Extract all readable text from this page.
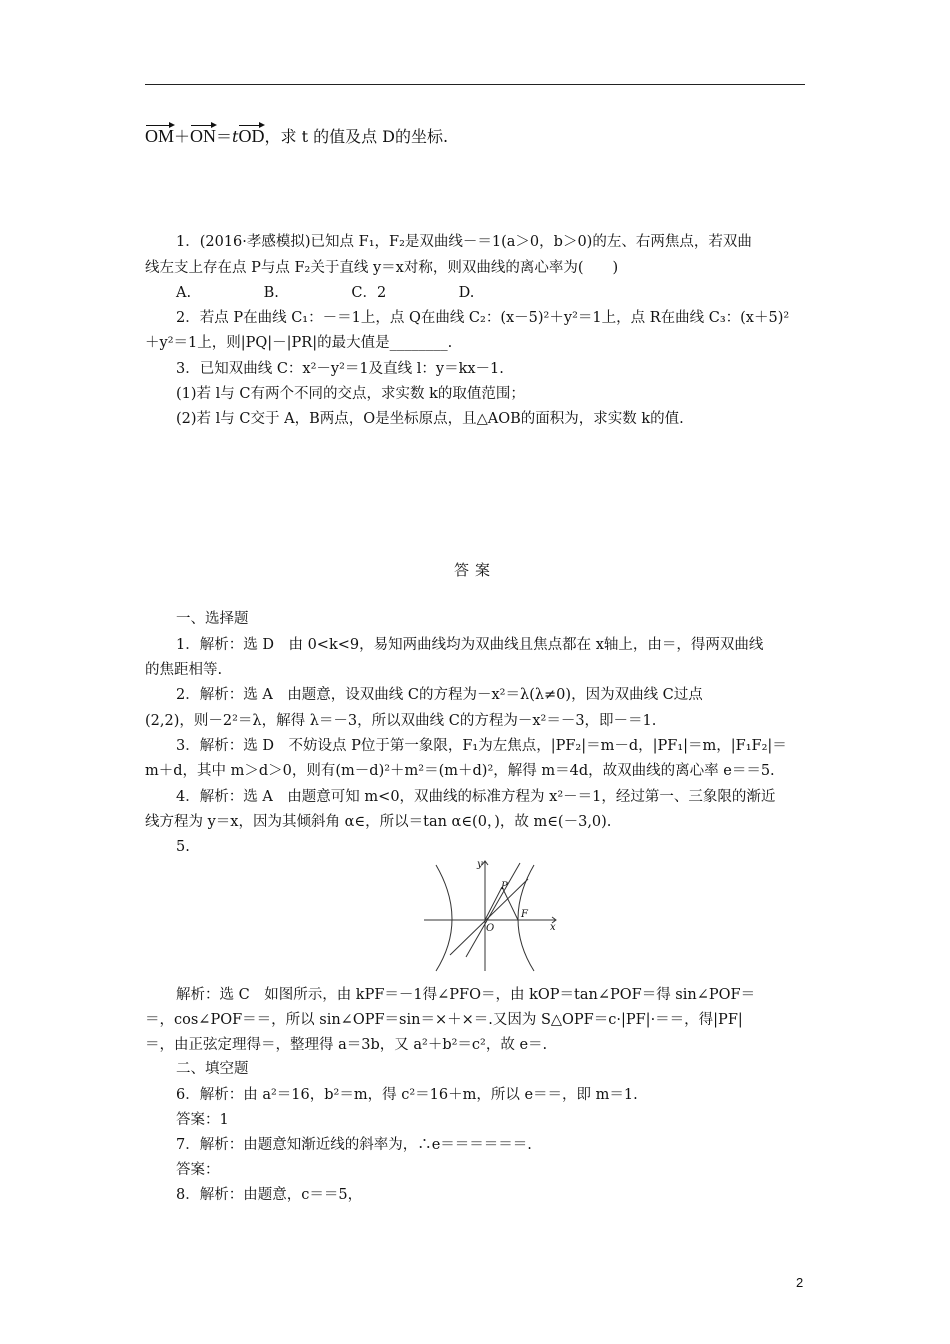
OM＋ON＝tOD，求 t 的值及点 D的坐标.
1．(2016·孝感模拟)已知点 F₁，F₂是双曲线－＝1(a＞0，b＞0)的左、右两焦点，若双曲
线左支上存在点 P与点 F₂关于直线 y＝x对称，则双曲线的离心率为(　　)
A.　　　　　B.　　　　　C．2　　　　　D.
2．若点 P在曲线 C₁：－＝1上，点 Q在曲线 C₂：(x－5)²＋y²＝1上，点 R在曲线 C₃：(x＋5)²
＋y²＝1上，则|PQ|－|PR|的最大值是________.
3．已知双曲线 C：x²－y²＝1及直线 l：y＝kx－1.
(1)若 l与 C有两个不同的交点，求实数 k的取值范围；
(2)若 l与 C交于 A，B两点，O是坐标原点，且△AOB的面积为，求实数 k的值.
答案
一、选择题
1．解析：选 D　由 0<k<9，易知两曲线均为双曲线且焦点都在 x轴上，由＝，得两双曲线
的焦距相等.
2．解析：选 A　由题意，设双曲线 C的方程为－x²＝λ(λ≠0)，因为双曲线 C过点
(2,2)，则－2²＝λ，解得 λ＝－3，所以双曲线 C的方程为－x²＝－3，即－＝1.
3．解析：选 D　不妨设点 P位于第一象限，F₁为左焦点，|PF₂|＝m－d，|PF₁|＝m，|F₁F₂|＝
m＋d，其中 m＞d＞0，则有(m－d)²＋m²＝(m＋d)²，解得 m＝4d，故双曲线的离心率 e＝＝5.
4．解析：选 A　由题意可知 m<0，双曲线的标准方程为 x²－＝1，经过第一、三象限的渐近
线方程为 y＝x，因为其倾斜角 α∈，所以＝tan α∈(0，)，故 m∈(－3,0).
5.
y
x
P
F
O
解析：选 C　如图所示，由 kPF＝－1得∠PFO＝，由 kOP＝tan∠POF＝得 sin∠POF＝
＝，cos∠POF＝＝，所以 sin∠OPF＝sin＝×＋×＝.又因为 S△OPF＝c·|PF|·＝＝，得|PF|
＝，由正弦定理得＝，整理得 a＝3b，又 a²＋b²＝c²，故 e＝.
二、填空题
6．解析：由 a²＝16，b²＝m，得 c²＝16＋m，所以 e＝＝，即 m＝1.
答案：1
7．解析：由题意知渐近线的斜率为，∴e＝＝＝＝＝＝.
答案：
8．解析：由题意，c＝＝5，
2
